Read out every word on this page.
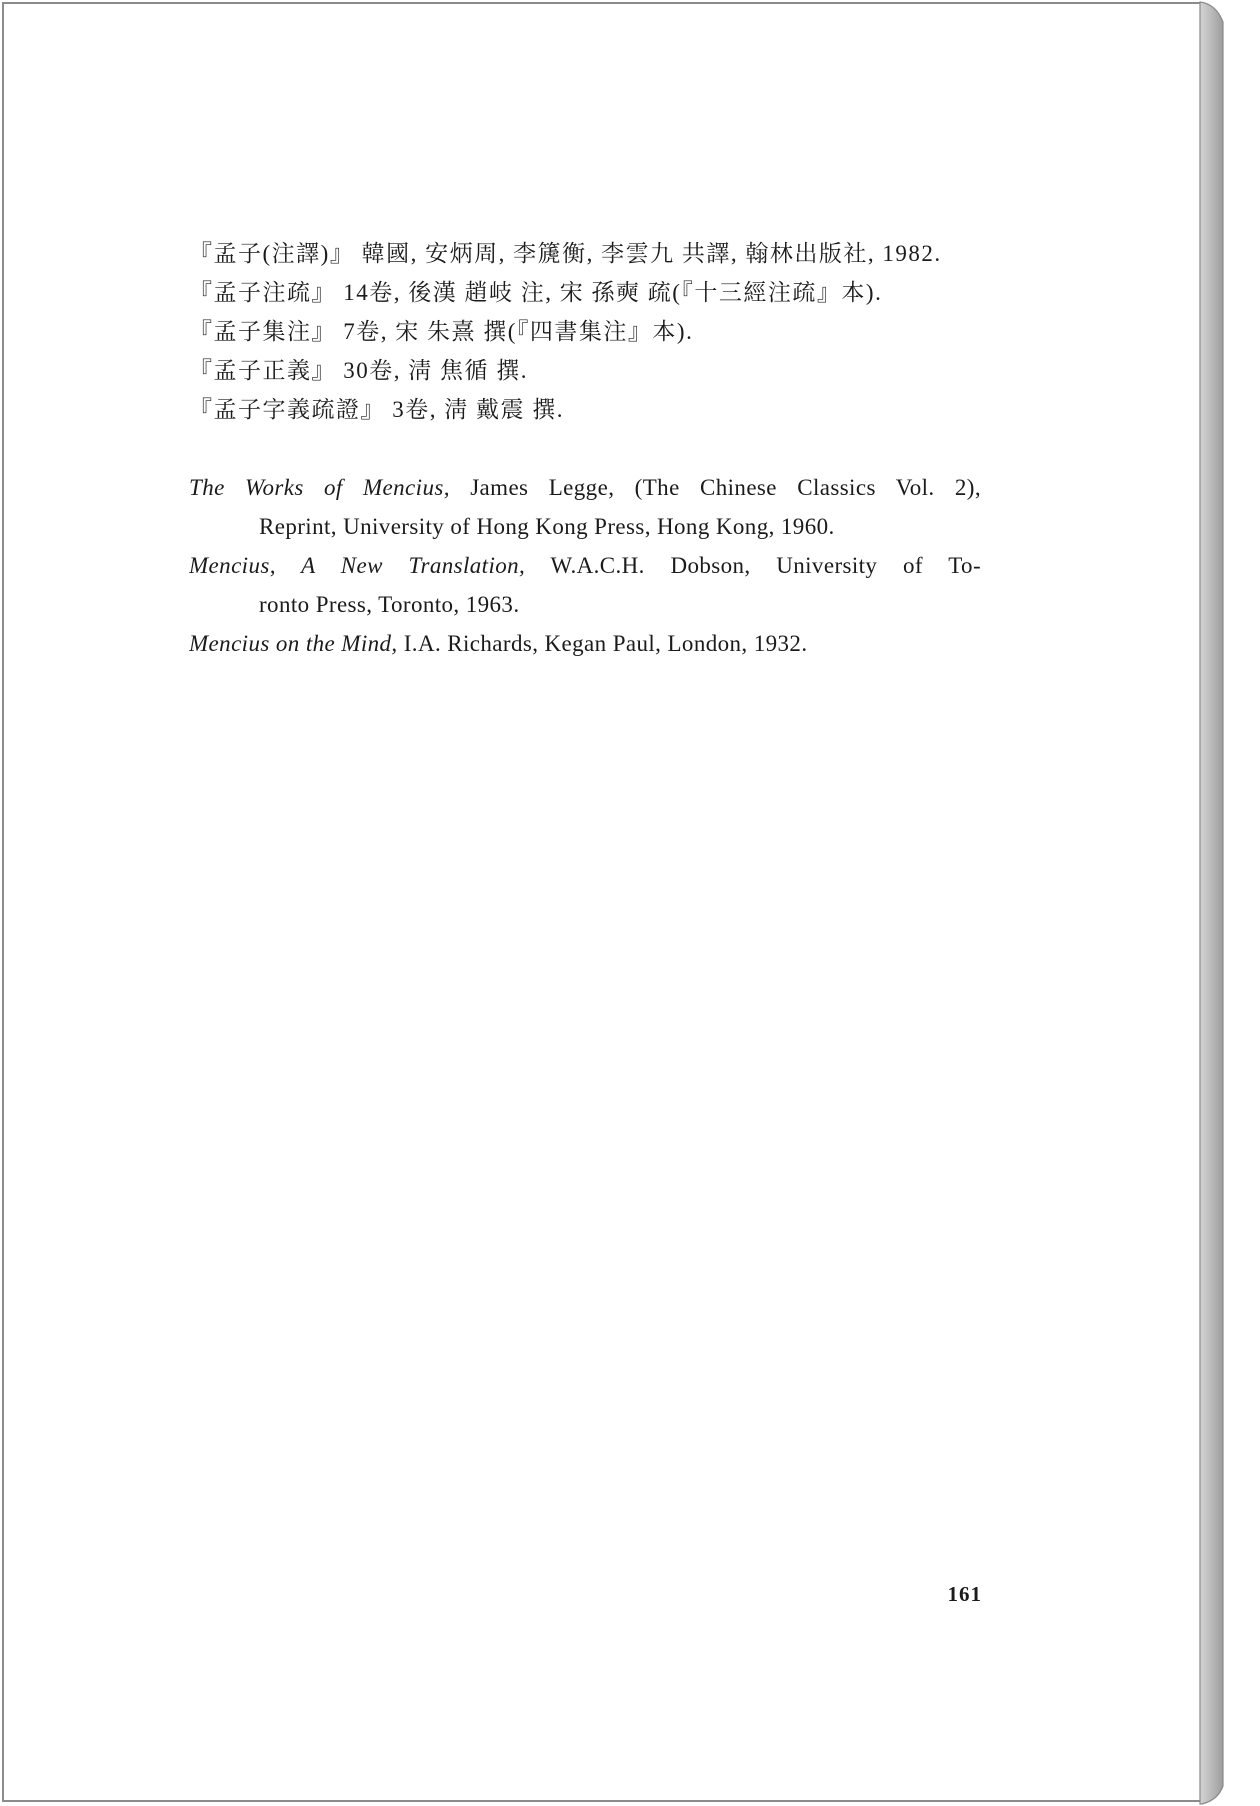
『孟子(注譯)』 韓國, 安炳周, 李篪衡, 李雲九 共譯, 翰林出版社, 1982.
『孟子注疏』 14卷, 後漢 趙岐 注, 宋 孫奭 疏(『十三經注疏』本).
『孟子集注』 7卷, 宋 朱熹 撰(『四書集注』本).
『孟子正義』 30卷, 淸 焦循 撰.
『孟子字義疏證』 3卷, 淸 戴震 撰.
The Works of Mencius, James Legge, (The Chinese Classics Vol. 2),
Reprint, University of Hong Kong Press, Hong Kong, 1960.
Mencius, A New Translation, W.A.C.H. Dobson, University of To-
ronto Press, Toronto, 1963.
Mencius on the Mind, I.A. Richards, Kegan Paul, London, 1932.
161
